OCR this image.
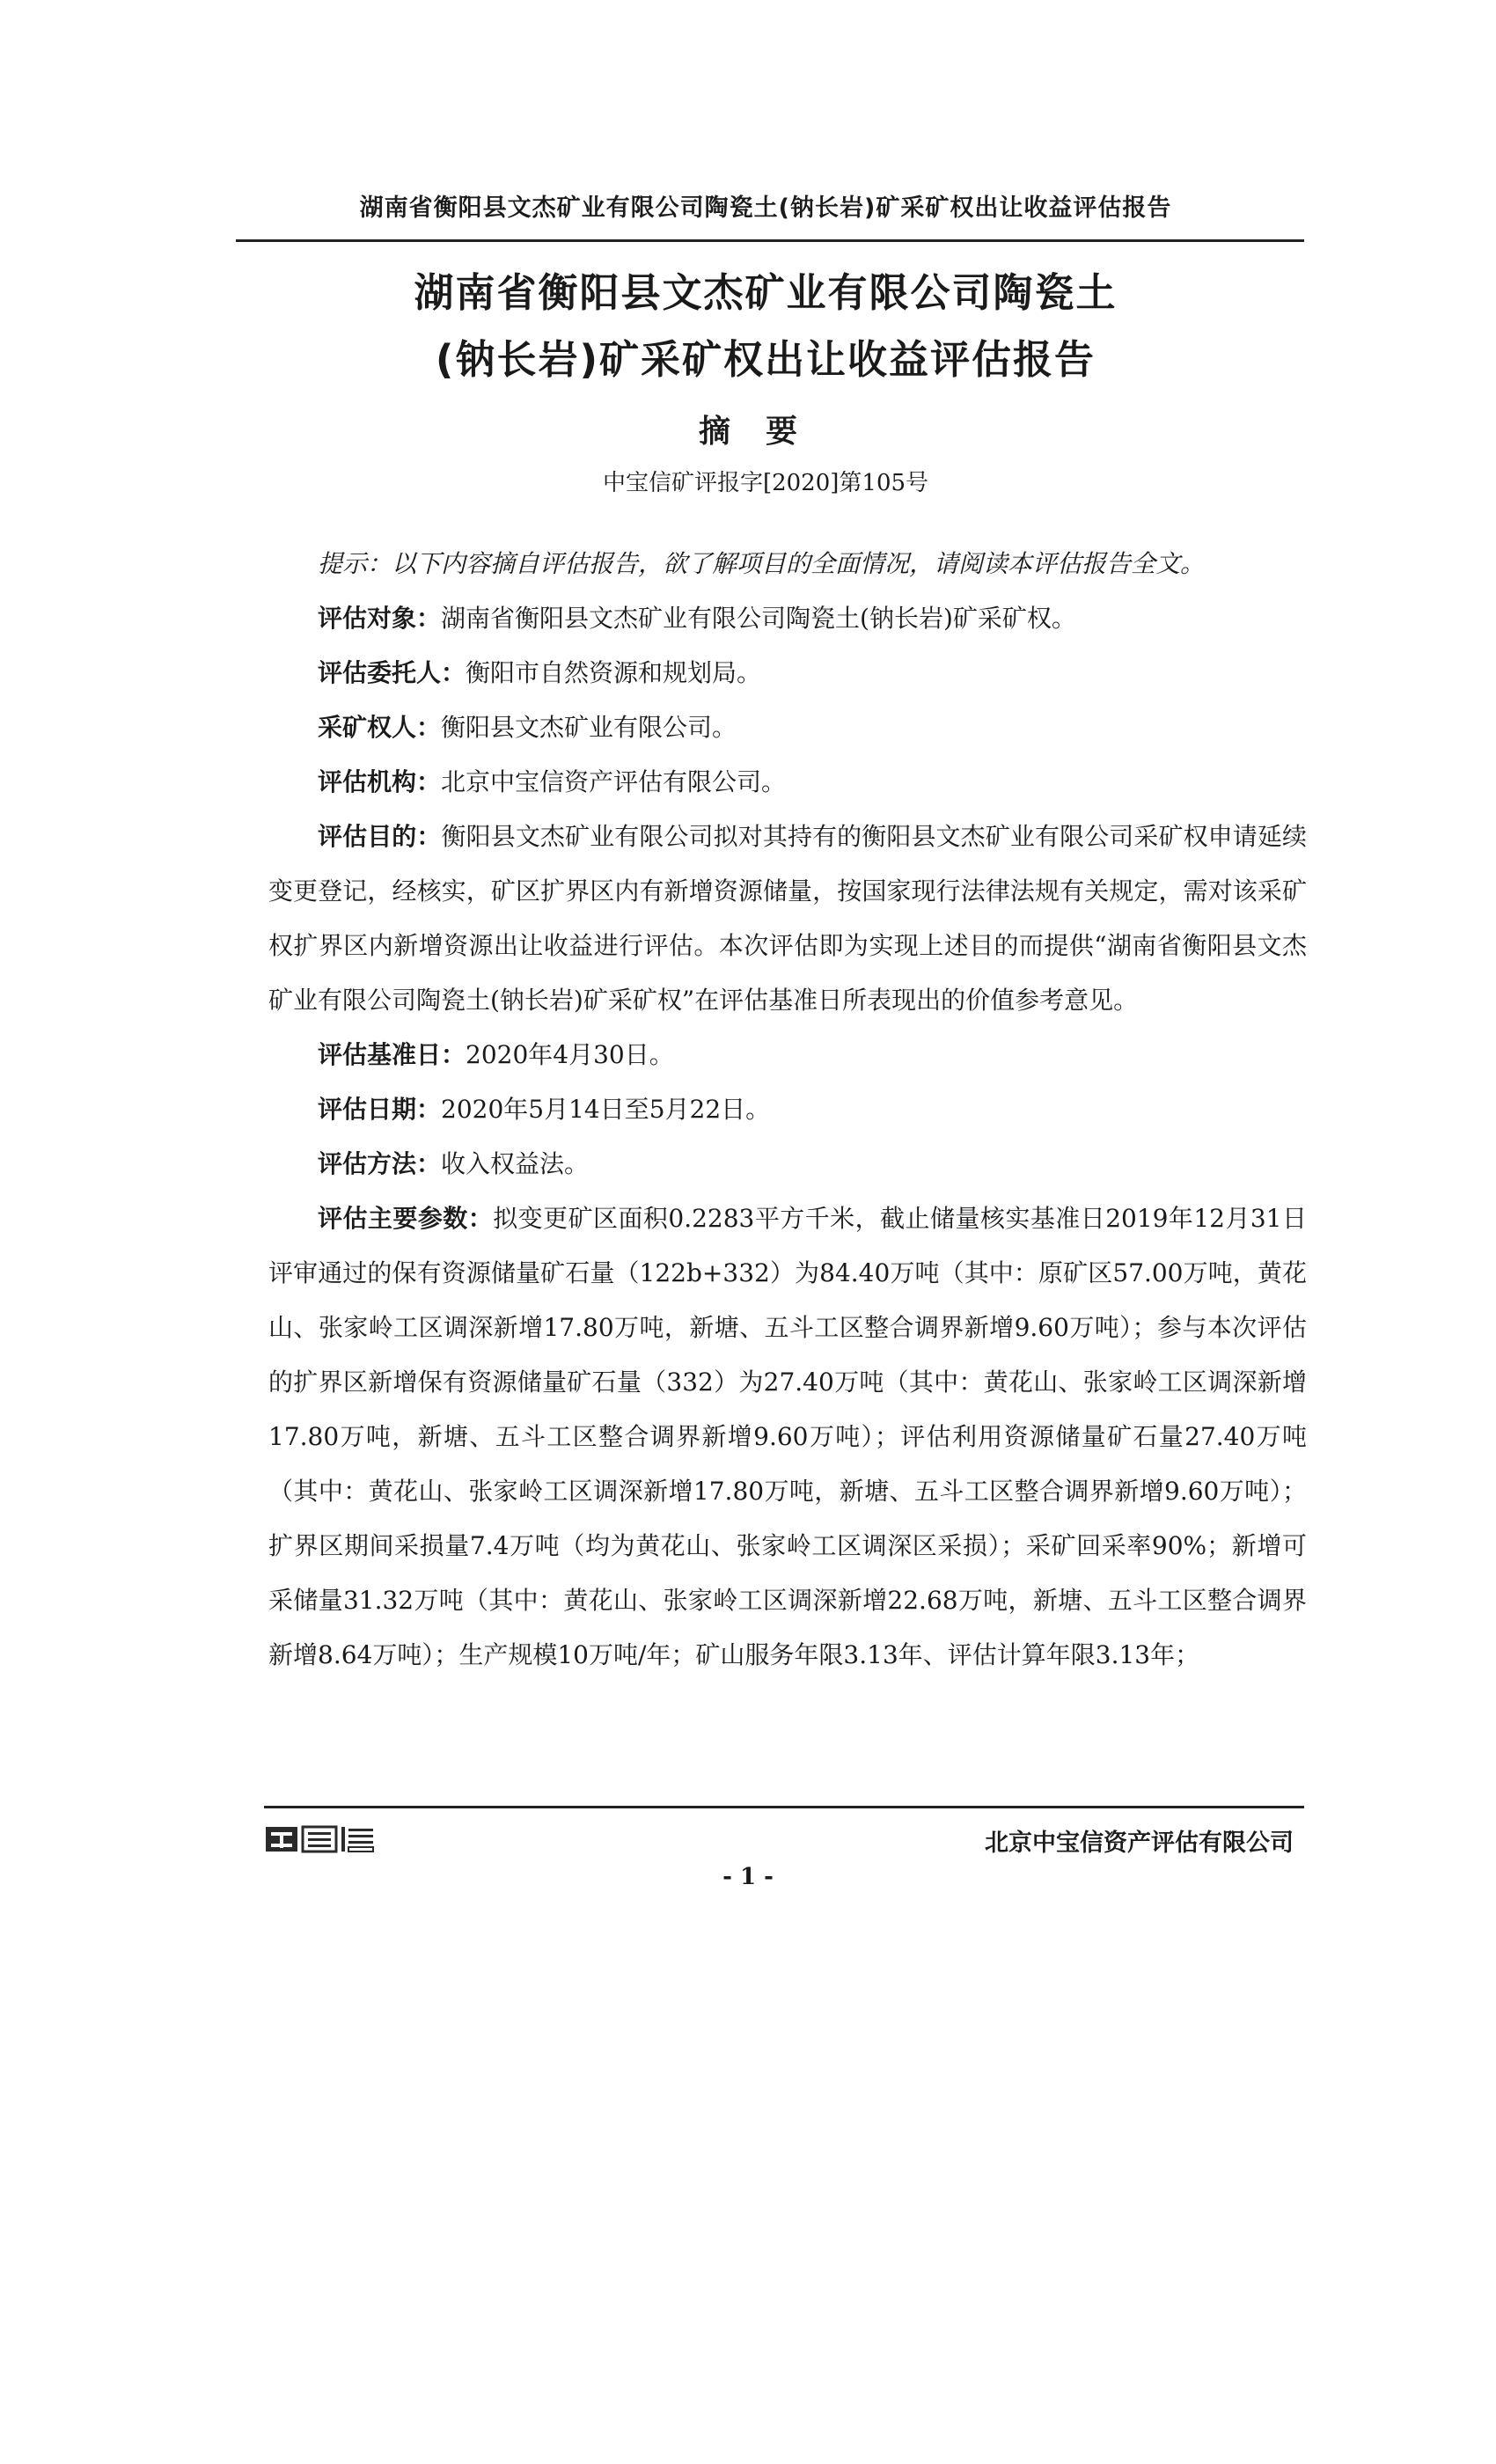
湖南省衡阳县文杰矿业有限公司陶瓷土(钠长岩)矿采矿权出让收益评估报告
湖南省衡阳县文杰矿业有限公司陶瓷土
(钠长岩)矿采矿权出让收益评估报告
摘要
中宝信矿评报字[2020]第105号

提示：以下内容摘自评估报告，欲了解项目的全面情况，请阅读本评估报告全文。

评估对象：湖南省衡阳县文杰矿业有限公司陶瓷土(钠长岩)矿采矿权。

评估委托人：衡阳市自然资源和规划局。

采矿权人：衡阳县文杰矿业有限公司。

评估机构：北京中宝信资产评估有限公司。

评估目的：衡阳县文杰矿业有限公司拟对其持有的衡阳县文杰矿业有限公司采矿权申请延续变更登记，经核实，矿区扩界区内有新增资源储量，按国家现行法律法规有关规定，需对该采矿权扩界区内新增资源出让收益进行评估。本次评估即为实现上述目的而提供“湖南省衡阳县文杰矿业有限公司陶瓷土(钠长岩)矿采矿权”在评估基准日所表现出的价值参考意见。

评估基准日：2020年4月30日。

评估日期：2020年5月14日至5月22日。

评估方法：收入权益法。

评估主要参数：拟变更矿区面积0.2283平方千米，截止储量核实基准日2019年12月31日评审通过的保有资源储量矿石量（122b+332）为84.40万吨（其中：原矿区57.00万吨，黄花山、张家岭工区调深新增17.80万吨，新塘、五斗工区整合调界新增9.60万吨）；参与本次评估的扩界区新增保有资源储量矿石量（332）为27.40万吨（其中：黄花山、张家岭工区调深新增17.80万吨，新塘、五斗工区整合调界新增9.60万吨）；评估利用资源储量矿石量27.40万吨（其中：黄花山、张家岭工区调深新增17.80万吨，新塘、五斗工区整合调界新增9.60万吨）；扩界区期间采损量7.4万吨（均为黄花山、张家岭工区调深区采损）；采矿回采率90%；新增可采储量31.32万吨（其中：黄花山、张家岭工区调深新增22.68万吨，新塘、五斗工区整合调界新增8.64万吨）；生产规模10万吨/年；矿山服务年限3.13年、评估计算年限3.13年；

北京中宝信资产评估有限公司
- 1 -
